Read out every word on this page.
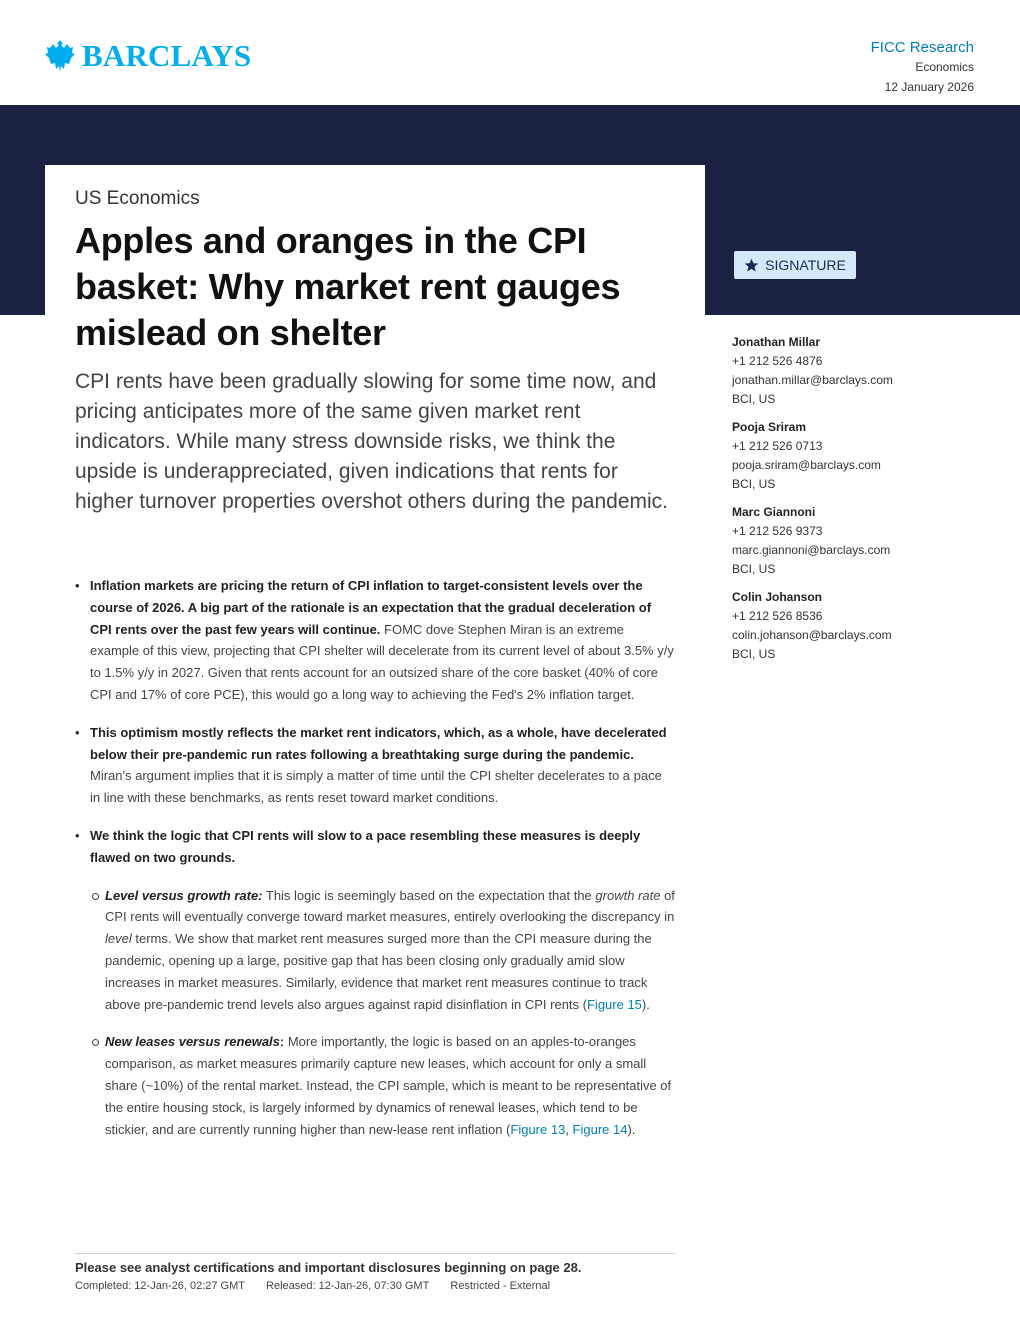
BARCLAYS	FICC Research
Economics
12 January 2026
US Economics
Apples and oranges in the CPI basket: Why market rent gauges mislead on shelter

CPI rents have been gradually slowing for some time now, and pricing anticipates more of the same given market rent indicators. While many stress downside risks, we think the upside is underappreciated, given indications that rents for higher turnover properties overshot others during the pandemic.

SIGNATURE
Jonathan Millar
+1 212 526 4876
jonathan.millar@barclays.com
BCI, US
Pooja Sriram
+1 212 526 0713
pooja.sriram@barclays.com
BCI, US
Marc Giannoni
+1 212 526 9373
marc.giannoni@barclays.com
BCI, US
Colin Johanson
+1 212 526 8536
colin.johanson@barclays.com
BCI, US
• Inflation markets are pricing the return of CPI inflation to target-consistent levels over the course of 2026. A big part of the rationale is an expectation that the gradual deceleration of CPI rents over the past few years will continue. FOMC dove Stephen Miran is an extreme example of this view, projecting that CPI shelter will decelerate from its current level of about 3.5% y/y to 1.5% y/y in 2027. Given that rents account for an outsized share of the core basket (40% of core CPI and 17% of core PCE), this would go a long way to achieving the Fed's 2% inflation target.
• This optimism mostly reflects the market rent indicators, which, as a whole, have decelerated below their pre-pandemic run rates following a breathtaking surge during the pandemic. Miran's argument implies that it is simply a matter of time until the CPI shelter decelerates to a pace in line with these benchmarks, as rents reset toward market conditions.
• We think the logic that CPI rents will slow to a pace resembling these measures is deeply flawed on two grounds.
Level versus growth rate: This logic is seemingly based on the expectation that the growth rate of CPI rents will eventually converge toward market measures, entirely overlooking the discrepancy in level terms. We show that market rent measures surged more than the CPI measure during the pandemic, opening up a large, positive gap that has been closing only gradually amid slow increases in market measures. Similarly, evidence that market rent measures continue to track above pre-pandemic trend levels also argues against rapid disinflation in CPI rents (Figure 15).
New leases versus renewals: More importantly, the logic is based on an apples-to-oranges comparison, as market measures primarily capture new leases, which account for only a small share (~10%) of the rental market. Instead, the CPI sample, which is meant to be representative of the entire housing stock, is largely informed by dynamics of renewal leases, which tend to be stickier, and are currently running higher than new-lease rent inflation (Figure 13, Figure 14).
Please see analyst certifications and important disclosures beginning on page 28.
Completed: 12-Jan-26, 02:27 GMT Released: 12-Jan-26, 07:30 GMT Restricted - External
